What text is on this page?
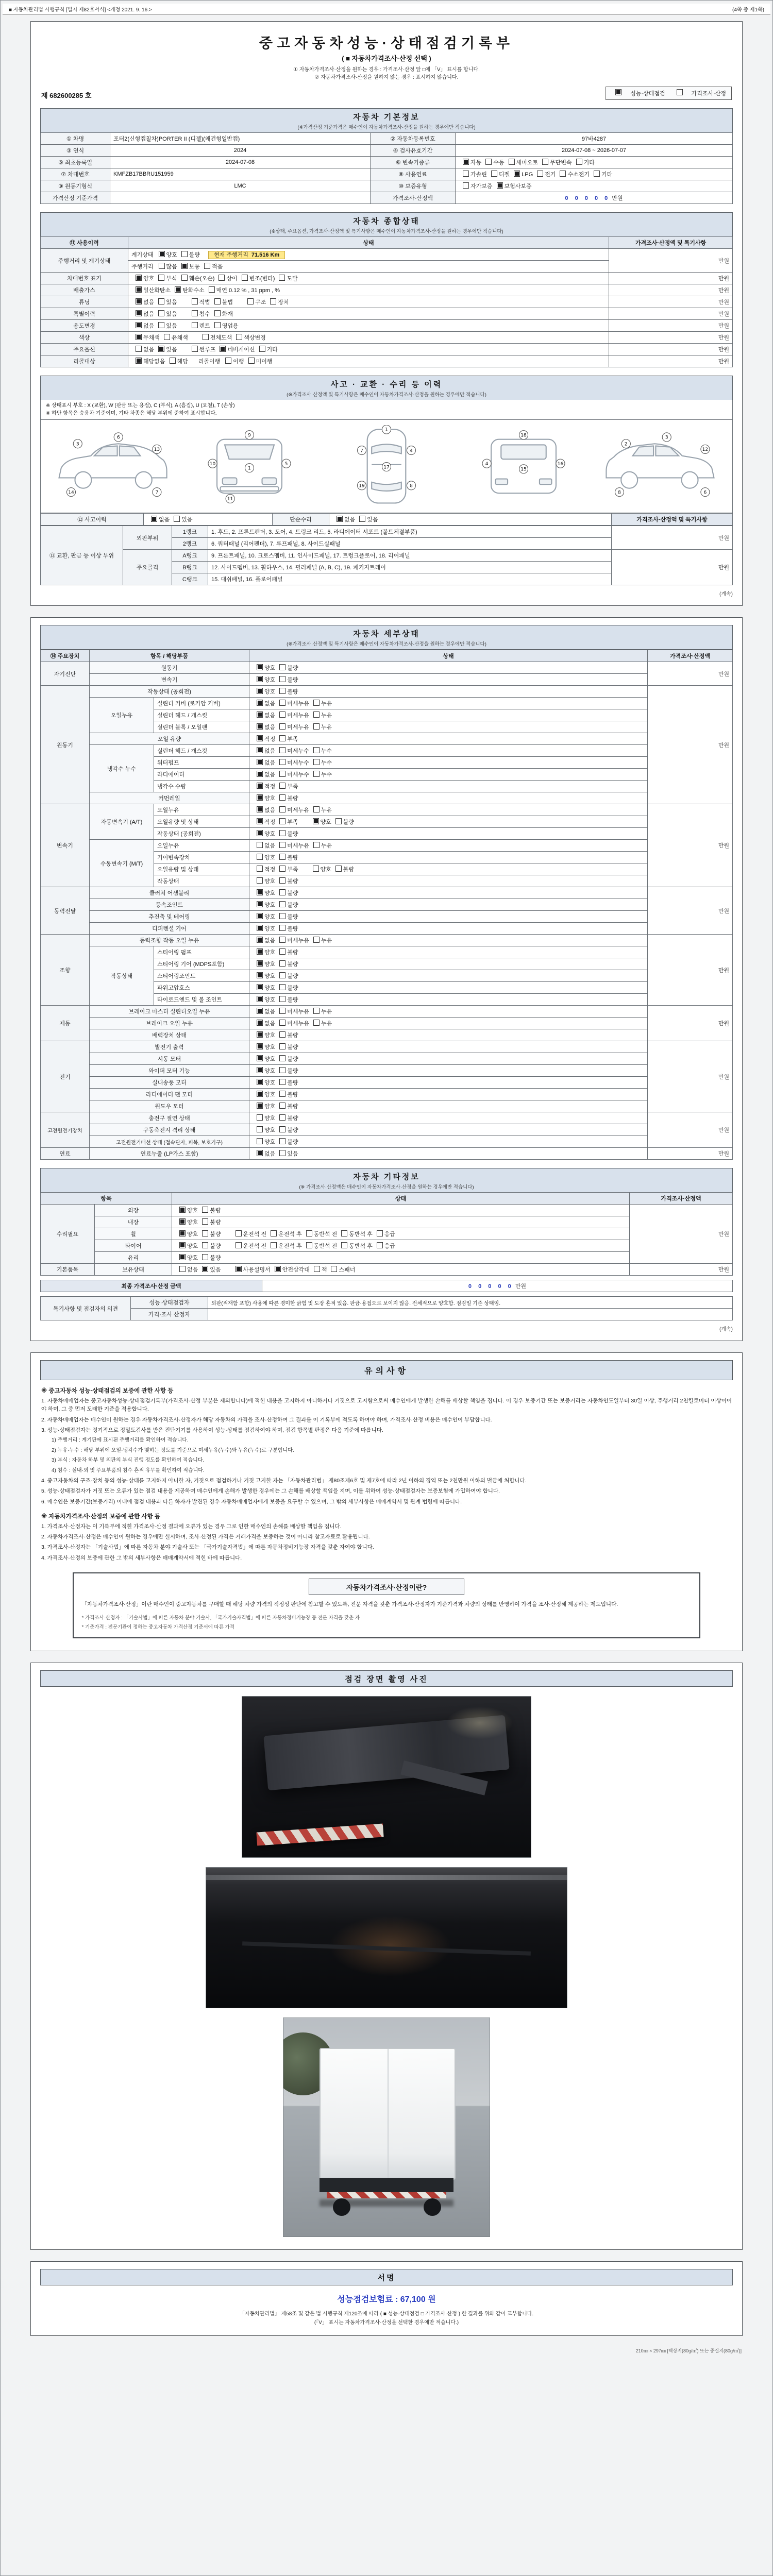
■ 자동차관리법 시행규칙 [별지 제82호서식] <개정 2021. 9. 16.>	(4쪽 중 제1쪽)
중고자동차성능·상태점검기록부
( ■ 자동차가격조사·산정 선택 )
① 자동차가격조사·산정을 원하는 경우 : 가격조사·산정 앞 □에 「V」 표시를 합니다.
② 자동차가격조사·산정을 원하지 않는 경우 : 표시하지 않습니다.
제 682600285 호	성능·상태점검	가격조사·산정
자동차 기본정보
(※가격산정 기준가격은 매수인이 자동차가격조사·산정을 원하는 경우에만 적습니다)
① 차명	포터2(신형캡칠차)PORTER II (디젤)(왜건형일반캡)	② 자동차등록번호	97바4287
③ 연식	2024	④ 검사유효기간	2024-07-08 ~ 2026-07-07
⑤ 최초등록일	2024-07-08	⑥ 변속기종류	자동 수동 세미오토 무단변속 기타
⑦ 차대번호	KMFZB17BBRU151959	⑧ 사용연료	가솔린 디젤 LPG 전기 수소전기 기타
⑨ 원동기형식	LMC	⑩ 보증유형	자가보증 보험사보증
가격산정 기준가격		가격조사·산정액	0 0 0 0 0 만원
자동차 종합상태
(※상태, 주요옵션, 가격조사·산정액 및 특기사항은 매수인이 자동차가격조사·산정을 원하는 경우에만 적습니다)
⑪ 사용이력	상태	가격조사·산정액 및 특기사항
주행거리 및 계기상태	계기상태 양호 불량 현재 주행거리 71.516 Km	만원
	주행거리 많음 보통 적음	
차대번호 표기	양호 부식 훼손(오손) 상이 변조(변타) 도말	만원
배출가스	일산화탄소 탄화수소 매연 0.12 % , 31 ppm , %	만원
튜닝	없음 있음 적법 불법 구조 장치	만원
특별이력	없음 있음 침수 화재	만원
용도변경	없음 있음 렌트 영업용	만원
색상	무채색 유채색 전체도색 색상변경	만원
주요옵션	없음 있음 썬루프 네비게이션 기타	만원
리콜대상	해당없음 해당 리콜이행 이행 미이행	만원
사고 · 교환 · 수리 등 이력
(※가격조사·산정액 및 특기사항은 매수인이 자동차가격조사·산정을 원하는 경우에만 적습니다)
※ 상태표시 부호 : X (교환), W (판금 또는 용접), C (부식), A (흠집), U (요철), T (손상)
※ 하단 항목은 승용차 기준이며, 기타 차종은 해당 부위에 준하여 표시합니다.
3
6
13
14	7
9
10	5
1
11
1
7	4
17
19	8
18
4	16
15
2
3
12
8	6
⑫ 사고이력	없음 있음	단순수리	없음 있음	가격조사·산정액 및 특기사항
⑬ 교환, 판금 등 이상 부위	외판부위	1랭크	1. 후드, 2. 프론트펜더, 3. 도어, 4. 트렁크 리드, 5. 라디에이터 서포트 (볼트체결부품)	만원
		2랭크	6. 쿼터패널 (리어펜더), 7. 루프패널, 8. 사이드실패널	
	주요골격	A랭크	9. 프론트패널, 10. 크로스멤버, 11. 인사이드패널, 17. 트렁크플로어, 18. 리어패널	만원
		B랭크	12. 사이드멤버, 13. 휠하우스, 14. 필러패널 (A, B, C), 19. 패키지트레이	
		C랭크	15. 대쉬패널, 16. 플로어패널	
(계속)
자동차 세부상태
(※가격조사·산정액 및 특기사항은 매수인이 자동차가격조사·산정을 원하는 경우에만 적습니다)
⑭ 주요장치	항목 / 해당부품		상태	가격조사·산정액
자기진단	원동기		양호 불량	만원
	변속기		양호 불량	
원동기	작동상태 (공회전)		양호 불량	만원
	오일누유	실린더 커버 (로커암 커버)	없음 미세누유 누유	
		실린더 헤드 / 개스킷	없음 미세누유 누유	
		실린더 블록 / 오일팬	없음 미세누유 누유	
	오일 유량		적정 부족	
	냉각수 누수	실린더 헤드 / 개스킷	없음 미세누수 누수	
		워터펌프	없음 미세누수 누수	
		라디에이터	없음 미세누수 누수	
		냉각수 수량	적정 부족	
	커먼레일		양호 불량	
변속기	자동변속기 (A/T)	오일누유	없음 미세누유 누유	만원
		오일유량 및 상태	적정 부족 양호 불량	
		작동상태 (공회전)	양호 불량	
	수동변속기 (M/T)	오일누유	없음 미세누유 누유	
		기어변속장치	양호 불량	
		오일유량 및 상태	적정 부족 양호 불량	
		작동상태	양호 불량	
동력전달	클러치 어셈블리		양호 불량	만원
	등속조인트		양호 불량	
	추진축 및 베어링		양호 불량	
	디퍼렌셜 기어		양호 불량	
조향	동력조향 작동 오일 누유		없음 미세누유 누유	만원
	작동상태	스티어링 펌프	양호 불량	
		스티어링 기어 (MDPS포함)	양호 불량	
		스티어링조인트	양호 불량	
		파워고압호스	양호 불량	
		타이로드엔드 및 볼 조인트	양호 불량	
제동	브레이크 마스터 실린더오일 누유		없음 미세누유 누유	만원
	브레이크 오일 누유		없음 미세누유 누유	
	배력장치 상태		양호 불량	
전기	발전기 출력		양호 불량	만원
	시동 모터		양호 불량	
	와이퍼 모터 기능		양호 불량	
	실내송풍 모터		양호 불량	
	라디에이터 팬 모터		양호 불량	
	윈도우 모터		양호 불량	
고전원전기장치	충전구 절연 상태		양호 불량	만원
	구동축전지 격리 상태		양호 불량	
	고전원전기배선 상태 (접속단자, 피복, 보호기구)		양호 불량	
연료	연료누출 (LP가스 포함)		없음 있음	만원
자동차 기타정보
(※ 가격조사·산정액은 매수인이 자동차가격조사·산정을 원하는 경우에만 적습니다)
항목		상태	가격조사·산정액
수리필요	외장	양호 불량	만원
	내장	양호 불량	
	휠	양호 불량 운전석 전 운전석 후 동반석 전 동반석 후 응급	
	타이어	양호 불량 운전석 전 운전석 후 동반석 전 동반석 후 응급	
	유리	양호 불량	
기본품목	보유상태	없음 있음 사용설명서 안전삼각대 잭 스패너	만원
최종 가격조사·산정 금액	0 0 0 0 0 만원
특기사항 및 점검자의 의견	성능·상태점검자	외판(적재함 포함) 사용에 따른 경미한 긁힘 및 도장 흔적 있음. 판금·용접으로 보이지 않음. 전체적으로 양호함. 점검일 기준 상태임.
	가격·조사 산정자	
(계속)
유의사항
※ 중고자동차 성능·상태점검의 보증에 관한 사항 등

1. 자동차매매업자는 중고자동차성능·상태점검기록부(가격조사·산정 부분은 제외합니다)에 적힌 내용을 고지하지 아니하거나 거짓으로 고지함으로써 매수인에게 발생한 손해를 배상할 책임을 집니다. 이 경우 보증기간 또는 보증거리는 자동차인도일부터 30일 이상, 주행거리 2천킬로미터 이상이어야 하며, 그 중 먼저 도래한 기준을 적용합니다.

2. 자동차매매업자는 매수인이 원하는 경우 자동차가격조사·산정자가 해당 자동차의 가격을 조사·산정하여 그 결과를 이 기록부에 적도록 하여야 하며, 가격조사·산정 비용은 매수인이 부담합니다.

3. 성능·상태점검자는 정기적으로 정밀도검사를 받은 진단기기를 사용하여 성능·상태를 점검하여야 하며, 점검 항목별 판정은 다음 기준에 따릅니다.

1) 주행거리 : 계기판에 표시된 주행거리를 확인하여 적습니다.

2) 누유·누수 : 해당 부위에 오일·냉각수가 맺히는 정도를 기준으로 미세누유(누수)와 누유(누수)로 구분합니다.

3) 부식 : 자동차 하부 및 외판의 부식 진행 정도를 확인하여 적습니다.

4) 침수 : 실내·외 및 주요부품의 침수 흔적 유무를 확인하여 적습니다.

4. 중고자동차의 구조·장치 등의 성능·상태를 고지하지 아니한 자, 거짓으로 점검하거나 거짓 고지한 자는 「자동차관리법」 제80조제6호 및 제7호에 따라 2년 이하의 징역 또는 2천만원 이하의 벌금에 처합니다.

5. 성능·상태점검자가 거짓 또는 오류가 있는 점검 내용을 제공하여 매수인에게 손해가 발생한 경우에는 그 손해를 배상할 책임을 지며, 이를 위하여 성능·상태점검자는 보증보험에 가입하여야 합니다.

6. 매수인은 보증기간(보증거리) 이내에 점검 내용과 다른 하자가 발견된 경우 자동차매매업자에게 보증을 요구할 수 있으며, 그 밖의 세부사항은 매매계약서 및 관계 법령에 따릅니다.

※ 자동차가격조사·산정의 보증에 관한 사항 등

1. 가격조사·산정자는 이 기록부에 적힌 가격조사·산정 결과에 오류가 있는 경우 그로 인한 매수인의 손해를 배상할 책임을 집니다.

2. 자동차가격조사·산정은 매수인이 원하는 경우에만 실시하며, 조사·산정된 가격은 거래가격을 보증하는 것이 아니라 참고자료로 활용됩니다.

3. 가격조사·산정자는 「기술사법」에 따른 자동차 분야 기술사 또는 「국가기술자격법」에 따른 자동차정비기능장 자격을 갖춘 자여야 합니다.

4. 가격조사·산정의 보증에 관한 그 밖의 세부사항은 매매계약서에 적힌 바에 따릅니다.

자동차가격조사·산정이란?

「자동차가격조사·산정」이란 매수인이 중고자동차를 구매할 때 해당 차량 가격의 적정성 판단에 참고할 수 있도록, 전문 자격을 갖춘 가격조사·산정자가 기준가격과 차량의 상태를 반영하여 가격을 조사·산정해 제공하는 제도입니다.

* 가격조사·산정자 : 「기술사법」에 따른 자동차 분야 기술사, 「국가기술자격법」에 따른 자동차정비기능장 등 전문 자격을 갖춘 자
* 기준가격 : 전문기관이 정하는 중고자동차 가격산정 기준서에 따른 가격
점검 장면 촬영 사진
서명
성능점검보험료 : 67,100 원
「자동차관리법」 제58조 및 같은 법 시행규칙 제120조에 따라 ( ■ 성능·상태점검 □ 가격조사·산정 ) 한 결과를 위와 같이 교부합니다.
(「V」 표시는 자동차가격조사·산정을 선택한 경우에만 적습니다.)
210㎜ × 297㎜ [백상지(80g/㎡) 또는 중질지(80g/㎡)]
